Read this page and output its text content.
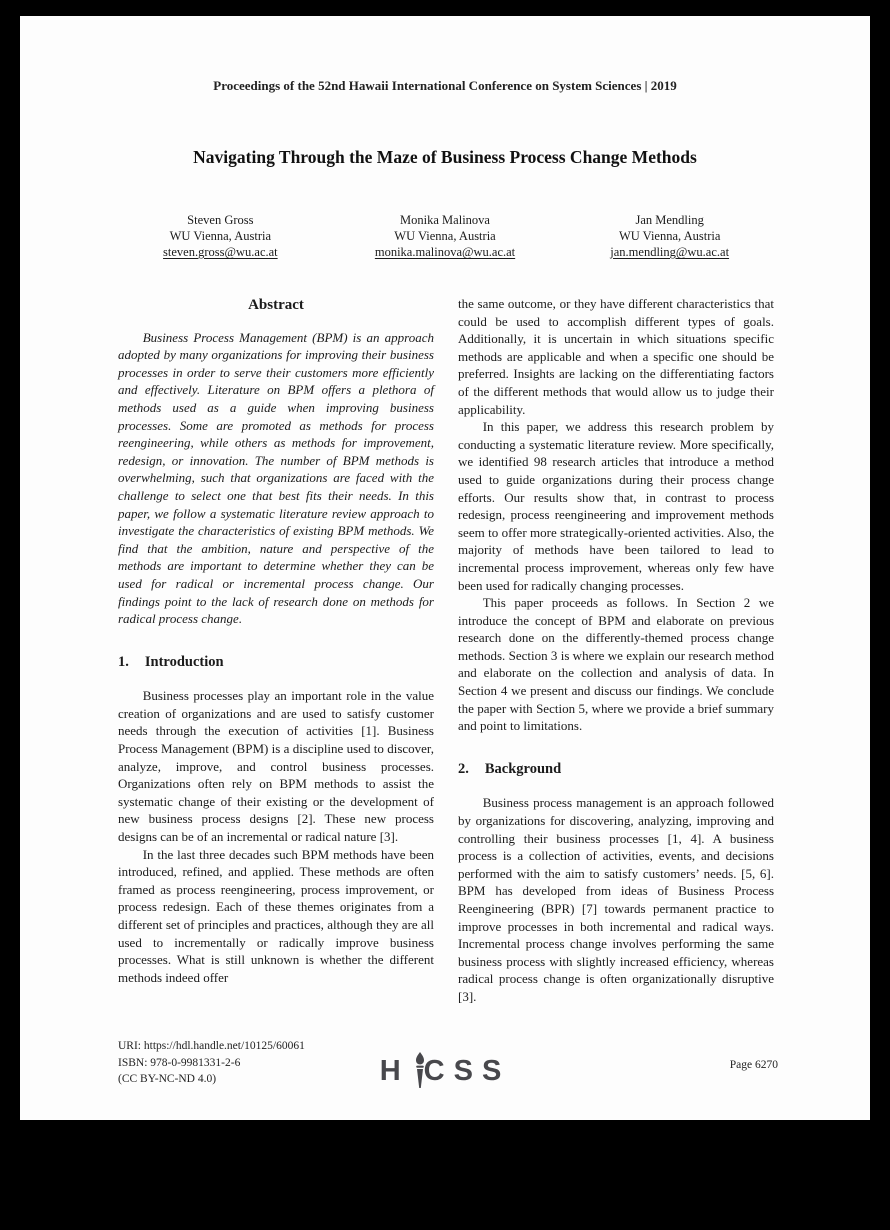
Proceedings of the 52nd Hawaii International Conference on System Sciences | 2019
Navigating Through the Maze of Business Process Change Methods
Steven Gross
WU Vienna, Austria
steven.gross@wu.ac.at
Monika Malinova
WU Vienna, Austria
monika.malinova@wu.ac.at
Jan Mendling
WU Vienna, Austria
jan.mendling@wu.ac.at
Abstract

Business Process Management (BPM) is an approach adopted by many organizations for improving their business processes in order to serve their customers more efficiently and effectively. Literature on BPM offers a plethora of methods used as a guide when improving business processes. Some are promoted as methods for process reengineering, while others as methods for improvement, redesign, or innovation. The number of BPM methods is overwhelming, such that organizations are faced with the challenge to select one that best fits their needs. In this paper, we follow a systematic literature review approach to investigate the characteristics of existing BPM methods. We find that the ambition, nature and perspective of the methods are important to determine whether they can be used for radical or incremental process change. Our findings point to the lack of research done on methods for radical process change.

1. Introduction

Business processes play an important role in the value creation of organizations and are used to satisfy customer needs through the execution of activities [1]. Business Process Management (BPM) is a discipline used to discover, analyze, improve, and control business processes. Organizations often rely on BPM methods to assist the systematic change of their existing or the development of new business process designs [2]. These new process designs can be of an incremental or radical nature [3].

In the last three decades such BPM methods have been introduced, refined, and applied. These methods are often framed as process reengineering, process improvement, or process redesign. Each of these themes originates from a different set of principles and practices, although they are all used to incrementally or radically improve business processes. What is still unknown is whether the different methods indeed offer

the same outcome, or they have different characteristics that could be used to accomplish different types of goals. Additionally, it is uncertain in which situations specific methods are applicable and when a specific one should be preferred. Insights are lacking on the differentiating factors of the different methods that would allow us to judge their applicability.

In this paper, we address this research problem by conducting a systematic literature review. More specifically, we identified 98 research articles that introduce a method used to guide organizations during their process change efforts. Our results show that, in contrast to process redesign, process reengineering and improvement methods seem to offer more strategically-oriented activities. Also, the majority of methods have been tailored to lead to incremental process improvement, whereas only few have been used for radically changing processes.

This paper proceeds as follows. In Section 2 we introduce the concept of BPM and elaborate on previous research done on the differently-themed process change methods. Section 3 is where we explain our research method and elaborate on the collection and analysis of data. In Section 4 we present and discuss our findings. We conclude the paper with Section 5, where we provide a brief summary and point to limitations.

2. Background

Business process management is an approach followed by organizations for discovering, analyzing, improving and controlling their business processes [1, 4]. A business process is a collection of activities, events, and decisions performed with the aim to satisfy customers’ needs. [5, 6]. BPM has developed from ideas of Business Process Reengineering (BPR) [7] towards permanent practice to improve processes in both incremental and radical ways. Incremental process change involves performing the same business process with slightly increased efficiency, whereas radical process change is often organizationally disruptive [3].

URI: https://hdl.handle.net/10125/60061
ISBN: 978-0-9981331-2-6
(CC BY-NC-ND 4.0)	H CSS	Page 6270
